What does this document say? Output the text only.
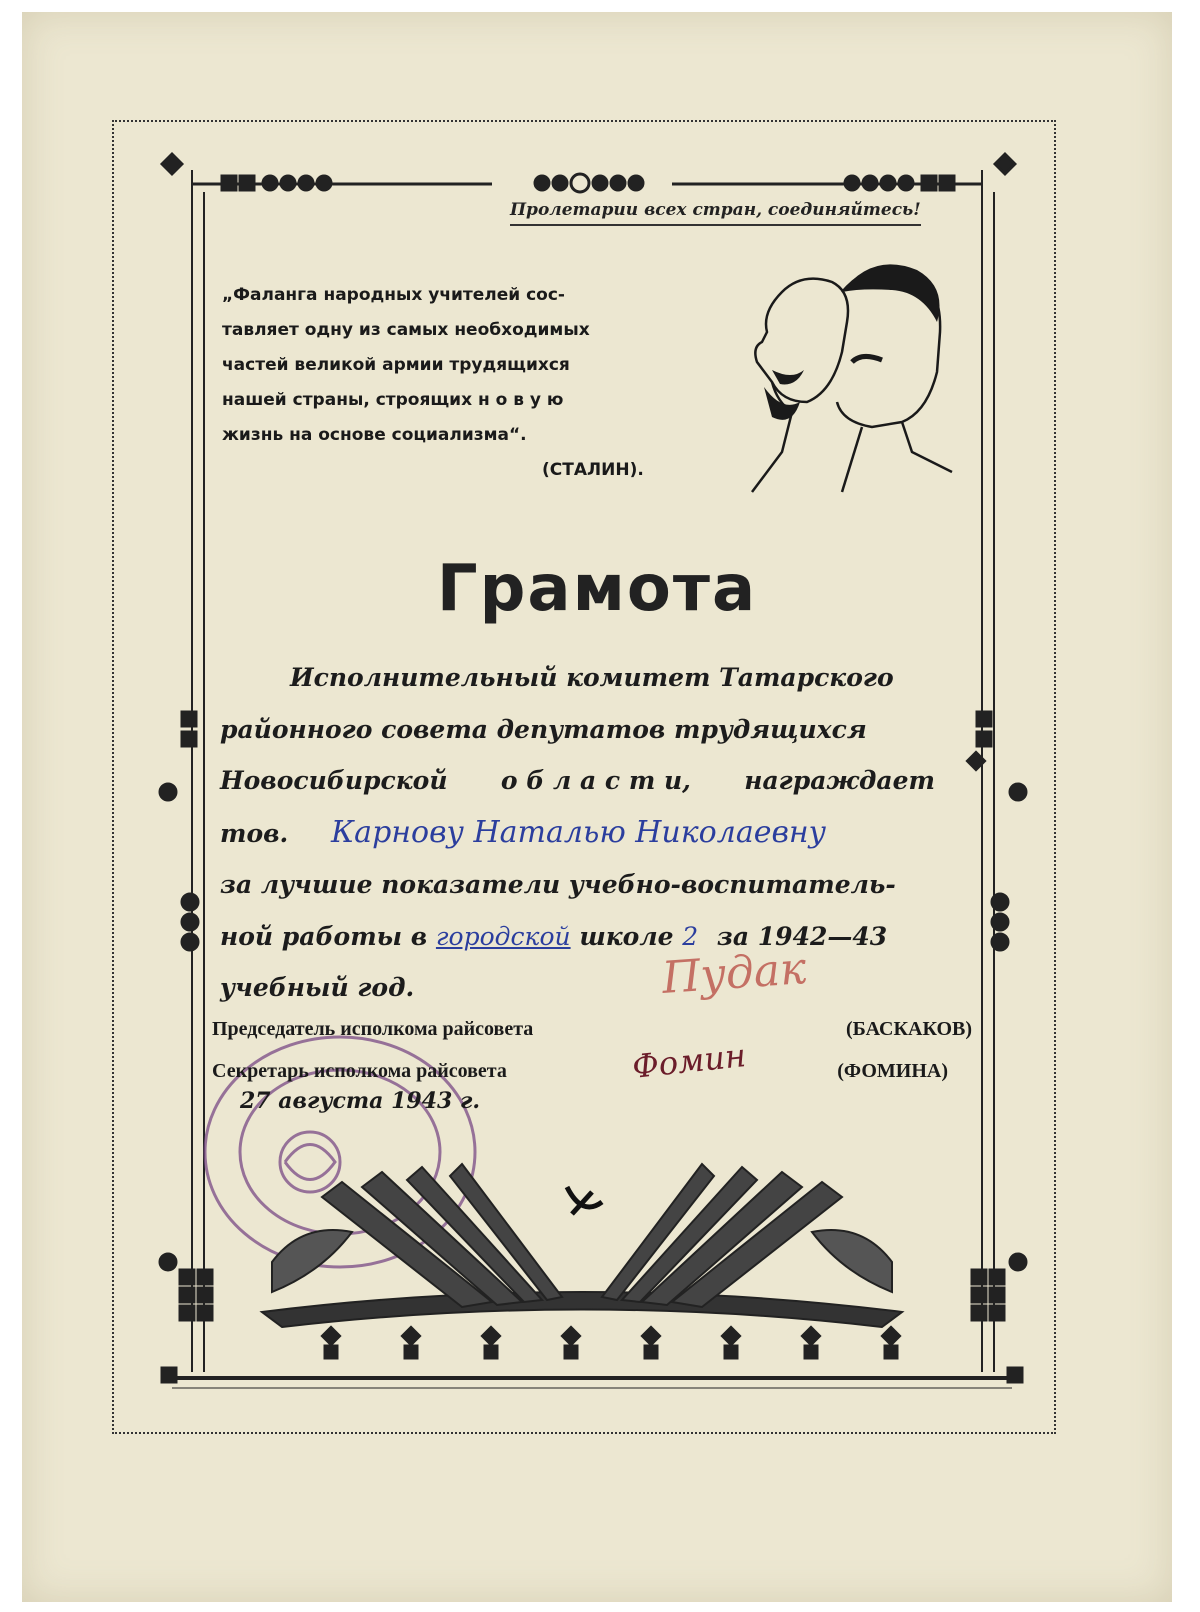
Пролетарии всех стран, соединяйтесь!
„Фаланга народных учителей сос-
тавляет одну из самых необходимых
частей великой армии трудящихся
нашей страны, строящих н о в у ю
жизнь на основе социализма“.
(СТАЛИН).
Грамота
Исполнительный комитет Татарского
районного совета депутатов трудящихся
Новосибирской о б л а с т и, награждает
тов. Карнову Наталью Николаевну
за лучшие показатели учебно-воспитатель-
ной работы в городской школе 2 за 1942—43
учебный год.
Председатель исполкома райсовета	(БАСКАКОВ)
Секретарь исполкома райсовета	(ФОМИНА)
Пудак
Фомин
27 августа 1943 г.
